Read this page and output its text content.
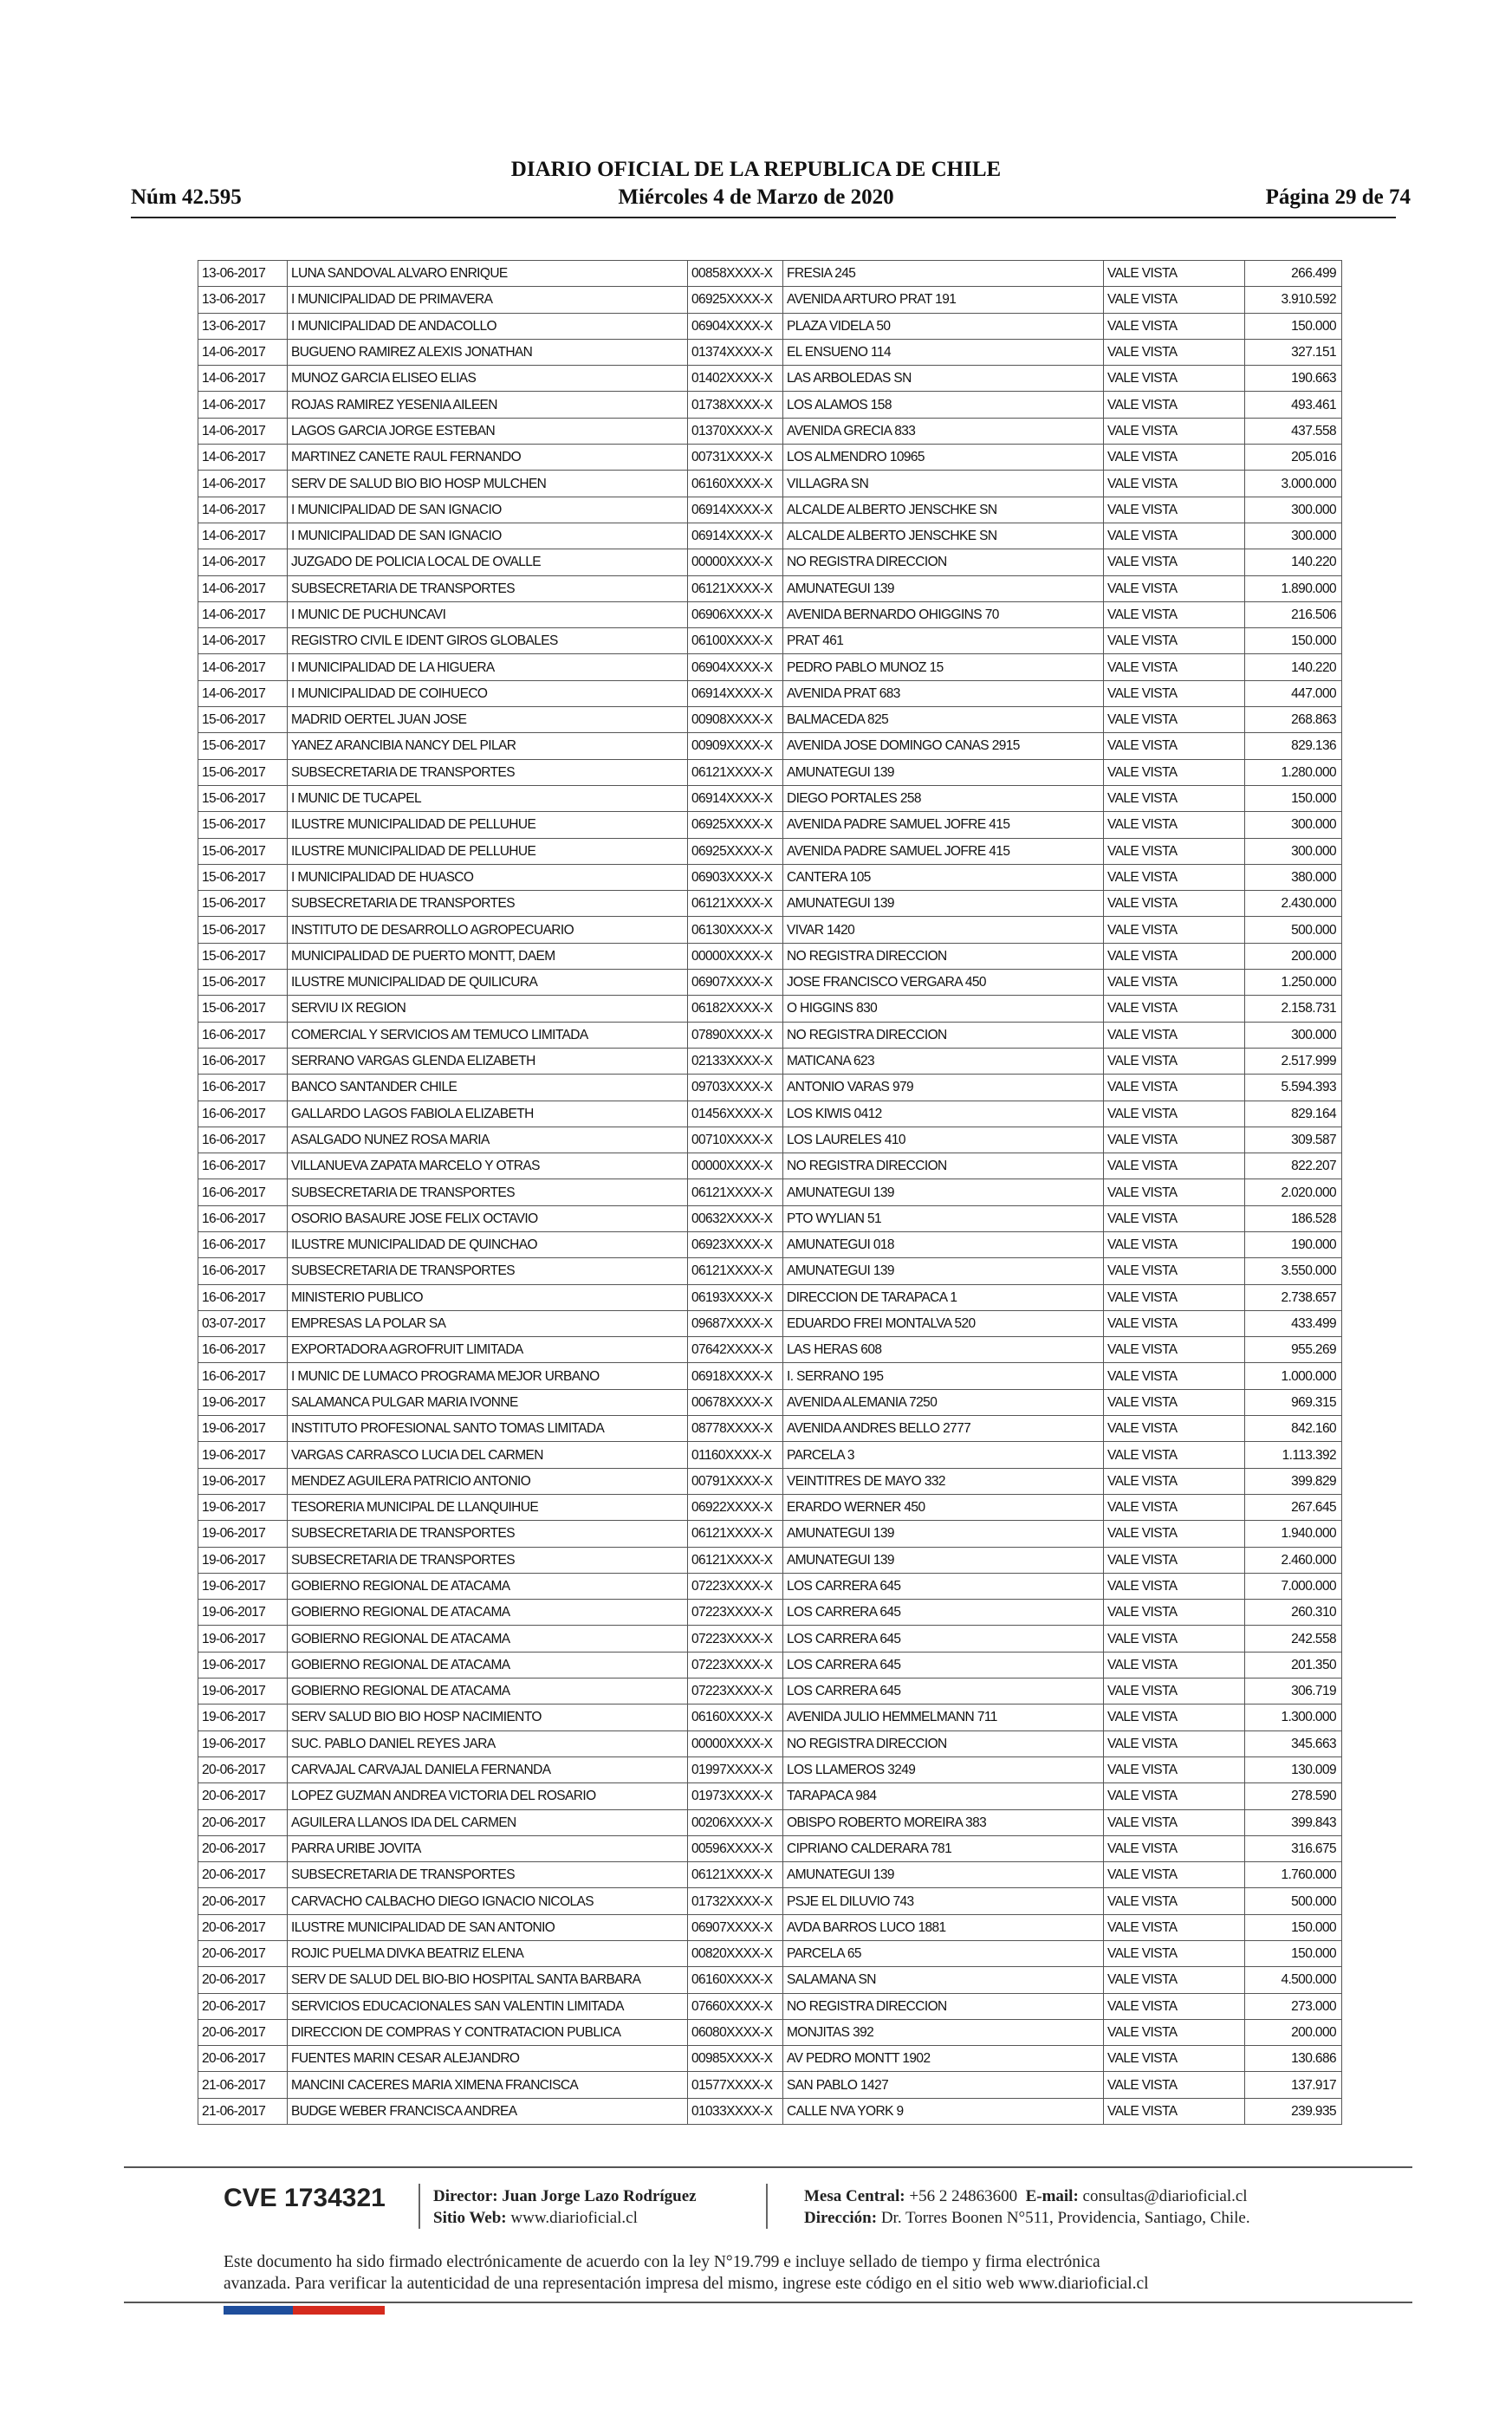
DIARIO OFICIAL DE LA REPUBLICA DE CHILE
Núm 42.595	Miércoles 4 de Marzo de 2020	Página 29 de 74
13-06-2017	LUNA SANDOVAL ALVARO ENRIQUE	00858XXXX-X	FRESIA 245	VALE VISTA	266.499
13-06-2017	I MUNICIPALIDAD DE PRIMAVERA	06925XXXX-X	AVENIDA ARTURO PRAT 191	VALE VISTA	3.910.592
13-06-2017	I MUNICIPALIDAD DE ANDACOLLO	06904XXXX-X	PLAZA VIDELA 50	VALE VISTA	150.000
14-06-2017	BUGUENO RAMIREZ ALEXIS JONATHAN	01374XXXX-X	EL ENSUENO 114	VALE VISTA	327.151
14-06-2017	MUNOZ GARCIA ELISEO ELIAS	01402XXXX-X	LAS ARBOLEDAS SN	VALE VISTA	190.663
14-06-2017	ROJAS RAMIREZ YESENIA AILEEN	01738XXXX-X	LOS ALAMOS 158	VALE VISTA	493.461
14-06-2017	LAGOS GARCIA JORGE ESTEBAN	01370XXXX-X	AVENIDA GRECIA 833	VALE VISTA	437.558
14-06-2017	MARTINEZ CANETE RAUL FERNANDO	00731XXXX-X	LOS ALMENDRO 10965	VALE VISTA	205.016
14-06-2017	SERV DE SALUD BIO BIO HOSP MULCHEN	06160XXXX-X	VILLAGRA SN	VALE VISTA	3.000.000
14-06-2017	I MUNICIPALIDAD DE SAN IGNACIO	06914XXXX-X	ALCALDE ALBERTO JENSCHKE SN	VALE VISTA	300.000
14-06-2017	I MUNICIPALIDAD DE SAN IGNACIO	06914XXXX-X	ALCALDE ALBERTO JENSCHKE SN	VALE VISTA	300.000
14-06-2017	JUZGADO DE POLICIA LOCAL DE OVALLE	00000XXXX-X	NO REGISTRA DIRECCION	VALE VISTA	140.220
14-06-2017	SUBSECRETARIA DE TRANSPORTES	06121XXXX-X	AMUNATEGUI 139	VALE VISTA	1.890.000
14-06-2017	I MUNIC DE PUCHUNCAVI	06906XXXX-X	AVENIDA BERNARDO OHIGGINS 70	VALE VISTA	216.506
14-06-2017	REGISTRO CIVIL E IDENT GIROS GLOBALES	06100XXXX-X	PRAT 461	VALE VISTA	150.000
14-06-2017	I MUNICIPALIDAD DE LA HIGUERA	06904XXXX-X	PEDRO PABLO MUNOZ 15	VALE VISTA	140.220
14-06-2017	I MUNICIPALIDAD DE COIHUECO	06914XXXX-X	AVENIDA PRAT 683	VALE VISTA	447.000
15-06-2017	MADRID OERTEL JUAN JOSE	00908XXXX-X	BALMACEDA 825	VALE VISTA	268.863
15-06-2017	YANEZ ARANCIBIA NANCY DEL PILAR	00909XXXX-X	AVENIDA JOSE DOMINGO CANAS 2915	VALE VISTA	829.136
15-06-2017	SUBSECRETARIA DE TRANSPORTES	06121XXXX-X	AMUNATEGUI 139	VALE VISTA	1.280.000
15-06-2017	I MUNIC DE TUCAPEL	06914XXXX-X	DIEGO PORTALES 258	VALE VISTA	150.000
15-06-2017	ILUSTRE MUNICIPALIDAD DE PELLUHUE	06925XXXX-X	AVENIDA PADRE SAMUEL JOFRE 415	VALE VISTA	300.000
15-06-2017	ILUSTRE MUNICIPALIDAD DE PELLUHUE	06925XXXX-X	AVENIDA PADRE SAMUEL JOFRE 415	VALE VISTA	300.000
15-06-2017	I MUNICIPALIDAD DE HUASCO	06903XXXX-X	CANTERA 105	VALE VISTA	380.000
15-06-2017	SUBSECRETARIA DE TRANSPORTES	06121XXXX-X	AMUNATEGUI 139	VALE VISTA	2.430.000
15-06-2017	INSTITUTO DE DESARROLLO AGROPECUARIO	06130XXXX-X	VIVAR 1420	VALE VISTA	500.000
15-06-2017	MUNICIPALIDAD DE PUERTO MONTT, DAEM	00000XXXX-X	NO REGISTRA DIRECCION	VALE VISTA	200.000
15-06-2017	ILUSTRE MUNICIPALIDAD DE QUILICURA	06907XXXX-X	JOSE FRANCISCO VERGARA 450	VALE VISTA	1.250.000
15-06-2017	SERVIU IX REGION	06182XXXX-X	O HIGGINS 830	VALE VISTA	2.158.731
16-06-2017	COMERCIAL Y SERVICIOS AM TEMUCO LIMITADA	07890XXXX-X	NO REGISTRA DIRECCION	VALE VISTA	300.000
16-06-2017	SERRANO VARGAS GLENDA ELIZABETH	02133XXXX-X	MATICANA 623	VALE VISTA	2.517.999
16-06-2017	BANCO SANTANDER CHILE	09703XXXX-X	ANTONIO VARAS 979	VALE VISTA	5.594.393
16-06-2017	GALLARDO LAGOS FABIOLA ELIZABETH	01456XXXX-X	LOS KIWIS 0412	VALE VISTA	829.164
16-06-2017	ASALGADO NUNEZ ROSA MARIA	00710XXXX-X	LOS LAURELES 410	VALE VISTA	309.587
16-06-2017	VILLANUEVA ZAPATA MARCELO Y OTRAS	00000XXXX-X	NO REGISTRA DIRECCION	VALE VISTA	822.207
16-06-2017	SUBSECRETARIA DE TRANSPORTES	06121XXXX-X	AMUNATEGUI 139	VALE VISTA	2.020.000
16-06-2017	OSORIO BASAURE JOSE FELIX OCTAVIO	00632XXXX-X	PTO WYLIAN 51	VALE VISTA	186.528
16-06-2017	ILUSTRE MUNICIPALIDAD DE QUINCHAO	06923XXXX-X	AMUNATEGUI 018	VALE VISTA	190.000
16-06-2017	SUBSECRETARIA DE TRANSPORTES	06121XXXX-X	AMUNATEGUI 139	VALE VISTA	3.550.000
16-06-2017	MINISTERIO PUBLICO	06193XXXX-X	DIRECCION DE TARAPACA 1	VALE VISTA	2.738.657
03-07-2017	EMPRESAS LA POLAR SA	09687XXXX-X	EDUARDO FREI MONTALVA 520	VALE VISTA	433.499
16-06-2017	EXPORTADORA AGROFRUIT LIMITADA	07642XXXX-X	LAS HERAS 608	VALE VISTA	955.269
16-06-2017	I MUNIC DE LUMACO PROGRAMA MEJOR URBANO	06918XXXX-X	I. SERRANO 195	VALE VISTA	1.000.000
19-06-2017	SALAMANCA PULGAR MARIA IVONNE	00678XXXX-X	AVENIDA ALEMANIA 7250	VALE VISTA	969.315
19-06-2017	INSTITUTO PROFESIONAL SANTO TOMAS LIMITADA	08778XXXX-X	AVENIDA ANDRES BELLO 2777	VALE VISTA	842.160
19-06-2017	VARGAS CARRASCO LUCIA DEL CARMEN	01160XXXX-X	PARCELA 3	VALE VISTA	1.113.392
19-06-2017	MENDEZ AGUILERA PATRICIO ANTONIO	00791XXXX-X	VEINTITRES DE MAYO 332	VALE VISTA	399.829
19-06-2017	TESORERIA MUNICIPAL DE LLANQUIHUE	06922XXXX-X	ERARDO WERNER 450	VALE VISTA	267.645
19-06-2017	SUBSECRETARIA DE TRANSPORTES	06121XXXX-X	AMUNATEGUI 139	VALE VISTA	1.940.000
19-06-2017	SUBSECRETARIA DE TRANSPORTES	06121XXXX-X	AMUNATEGUI 139	VALE VISTA	2.460.000
19-06-2017	GOBIERNO REGIONAL DE ATACAMA	07223XXXX-X	LOS CARRERA 645	VALE VISTA	7.000.000
19-06-2017	GOBIERNO REGIONAL DE ATACAMA	07223XXXX-X	LOS CARRERA 645	VALE VISTA	260.310
19-06-2017	GOBIERNO REGIONAL DE ATACAMA	07223XXXX-X	LOS CARRERA 645	VALE VISTA	242.558
19-06-2017	GOBIERNO REGIONAL DE ATACAMA	07223XXXX-X	LOS CARRERA 645	VALE VISTA	201.350
19-06-2017	GOBIERNO REGIONAL DE ATACAMA	07223XXXX-X	LOS CARRERA 645	VALE VISTA	306.719
19-06-2017	SERV SALUD BIO BIO HOSP NACIMIENTO	06160XXXX-X	AVENIDA JULIO HEMMELMANN 711	VALE VISTA	1.300.000
19-06-2017	SUC. PABLO DANIEL REYES JARA	00000XXXX-X	NO REGISTRA DIRECCION	VALE VISTA	345.663
20-06-2017	CARVAJAL CARVAJAL DANIELA FERNANDA	01997XXXX-X	LOS LLAMEROS 3249	VALE VISTA	130.009
20-06-2017	LOPEZ GUZMAN ANDREA VICTORIA DEL ROSARIO	01973XXXX-X	TARAPACA 984	VALE VISTA	278.590
20-06-2017	AGUILERA LLANOS IDA DEL CARMEN	00206XXXX-X	OBISPO ROBERTO MOREIRA 383	VALE VISTA	399.843
20-06-2017	PARRA URIBE JOVITA	00596XXXX-X	CIPRIANO CALDERARA 781	VALE VISTA	316.675
20-06-2017	SUBSECRETARIA DE TRANSPORTES	06121XXXX-X	AMUNATEGUI 139	VALE VISTA	1.760.000
20-06-2017	CARVACHO CALBACHO DIEGO IGNACIO NICOLAS	01732XXXX-X	PSJE EL DILUVIO 743	VALE VISTA	500.000
20-06-2017	ILUSTRE MUNICIPALIDAD DE SAN ANTONIO	06907XXXX-X	AVDA BARROS LUCO 1881	VALE VISTA	150.000
20-06-2017	ROJIC PUELMA DIVKA BEATRIZ ELENA	00820XXXX-X	PARCELA 65	VALE VISTA	150.000
20-06-2017	SERV DE SALUD DEL BIO-BIO HOSPITAL SANTA BARBARA	06160XXXX-X	SALAMANA SN	VALE VISTA	4.500.000
20-06-2017	SERVICIOS EDUCACIONALES SAN VALENTIN LIMITADA	07660XXXX-X	NO REGISTRA DIRECCION	VALE VISTA	273.000
20-06-2017	DIRECCION DE COMPRAS Y CONTRATACION PUBLICA	06080XXXX-X	MONJITAS 392	VALE VISTA	200.000
20-06-2017	FUENTES MARIN CESAR ALEJANDRO	00985XXXX-X	AV PEDRO MONTT 1902	VALE VISTA	130.686
21-06-2017	MANCINI CACERES MARIA XIMENA FRANCISCA	01577XXXX-X	SAN PABLO 1427	VALE VISTA	137.917
21-06-2017	BUDGE WEBER FRANCISCA ANDREA	01033XXXX-X	CALLE NVA YORK 9	VALE VISTA	239.935
CVE 1734321	Director: Juan Jorge Lazo Rodríguez
Sitio Web: www.diarioficial.cl
Mesa Central: +56 2 24863600 E-mail: consultas@diarioficial.cl
Dirección: Dr. Torres Boonen N°511, Providencia, Santiago, Chile.
Este documento ha sido firmado electrónicamente de acuerdo con la ley N°19.799 e incluye sellado de tiempo y firma electrónica
avanzada. Para verificar la autenticidad de una representación impresa del mismo, ingrese este código en el sitio web www.diarioficial.cl
